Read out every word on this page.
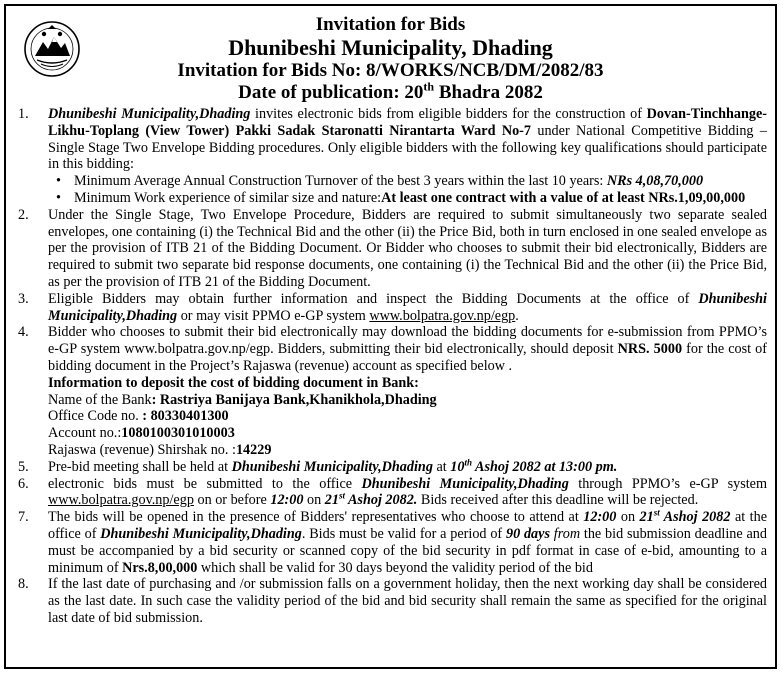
Invitation for Bids
Dhunibeshi Municipality, Dhading
Invitation for Bids No: 8/WORKS/NCB/DM/2082/83
Date of publication: 20th Bhadra 2082
1. Dhunibeshi Municipality,Dhading invites electronic bids from eligible bidders for the construction of Dovan-Tinchhange-Likhu-Toplang (View Tower) Pakki Sadak Staronatti Nirantarta Ward No-7 under National Competitive Bidding – Single Stage Two Envelope Bidding procedures. Only eligible bidders with the following key qualifications should participate in this bidding:
• Minimum Average Annual Construction Turnover of the best 3 years within the last 10 years: NRs 4,08,70,000
• Minimum Work experience of similar size and nature:At least one contract with a value of at least NRs.1,09,00,000
2. Under the Single Stage, Two Envelope Procedure, Bidders are required to submit simultaneously two separate sealed envelopes, one containing (i) the Technical Bid and the other (ii) the Price Bid, both in turn enclosed in one sealed envelope as per the provision of ITB 21 of the Bidding Document. Or Bidder who chooses to submit their bid electronically, Bidders are required to submit two separate bid response documents, one containing (i) the Technical Bid and the other (ii) the Price Bid, as per the provision of ITB 21 of the Bidding Document.
3. Eligible Bidders may obtain further information and inspect the Bidding Documents at the office of Dhunibeshi Municipality,Dhading or may visit PPMO e-GP system www.bolpatra.gov.np/egp.
4. Bidder who chooses to submit their bid electronically may download the bidding documents for e-submission from PPMO’s e-GP system www.bolpatra.gov.np/egp. Bidders, submitting their bid electronically, should deposit NRS. 5000 for the cost of bidding document in the Project’s Rajaswa (revenue) account as specified below .
Information to deposit the cost of bidding document in Bank:
Name of the Bank: Rastriya Banijaya Bank,Khanikhola,Dhading
Office Code no. : 80330401300
Account no.:1080100301010003
Rajaswa (revenue) Shirshak no. :14229
5. Pre-bid meeting shall be held at Dhunibeshi Municipality,Dhading at 10th Ashoj 2082 at 13:00 pm.
6. electronic bids must be submitted to the office Dhunibeshi Municipality,Dhading through PPMO’s e-GP system www.bolpatra.gov.np/egp on or before 12:00 on 21st Ashoj 2082. Bids received after this deadline will be rejected.
7. The bids will be opened in the presence of Bidders' representatives who choose to attend at 12:00 on 21st Ashoj 2082 at the office of Dhunibeshi Municipality,Dhading. Bids must be valid for a period of 90 days from the bid submission deadline and must be accompanied by a bid security or scanned copy of the bid security in pdf format in case of e-bid, amounting to a minimum of Nrs.8,00,000 which shall be valid for 30 days beyond the validity period of the bid
8. If the last date of purchasing and /or submission falls on a government holiday, then the next working day shall be considered as the last date. In such case the validity period of the bid and bid security shall remain the same as specified for the original last date of bid submission.
